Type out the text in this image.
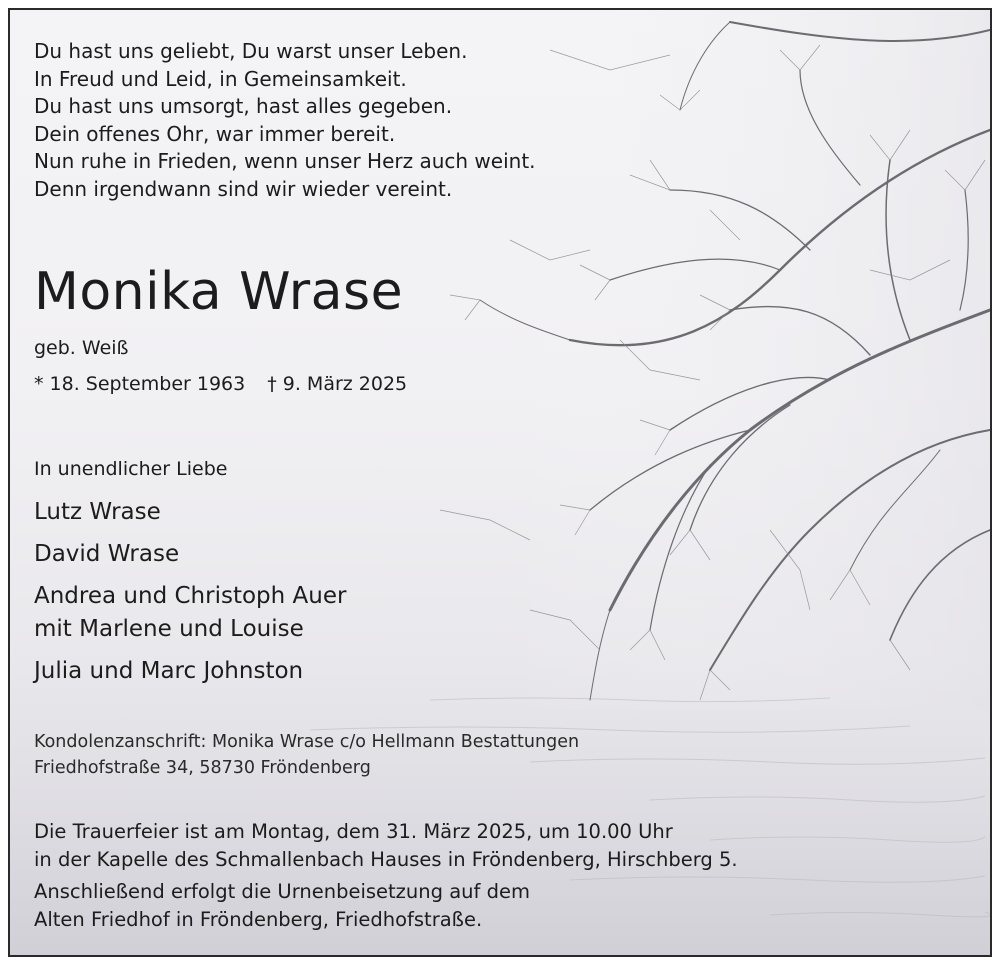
Du hast uns geliebt, Du warst unser Leben.
In Freud und Leid, in Gemeinsamkeit.
Du hast uns umsorgt, hast alles gegeben.
Dein offenes Ohr, war immer bereit.
Nun ruhe in Frieden, wenn unser Herz auch weint.
Denn irgendwann sind wir wieder vereint.
Monika Wrase
geb. Weiß
* 18. September 1963 † 9. März 2025
In unendlicher Liebe
Lutz Wrase
David Wrase
Andrea und Christoph Auer
mit Marlene und Louise
Julia und Marc Johnston
Kondolenzanschrift: Monika Wrase c/o Hellmann Bestattungen
Friedhofstraße 34, 58730 Fröndenberg
Die Trauerfeier ist am Montag, dem 31. März 2025, um 10.00 Uhr
in der Kapelle des Schmallenbach Hauses in Fröndenberg, Hirschberg 5.
Anschließend erfolgt die Urnenbeisetzung auf dem
Alten Friedhof in Fröndenberg, Friedhofstraße.
